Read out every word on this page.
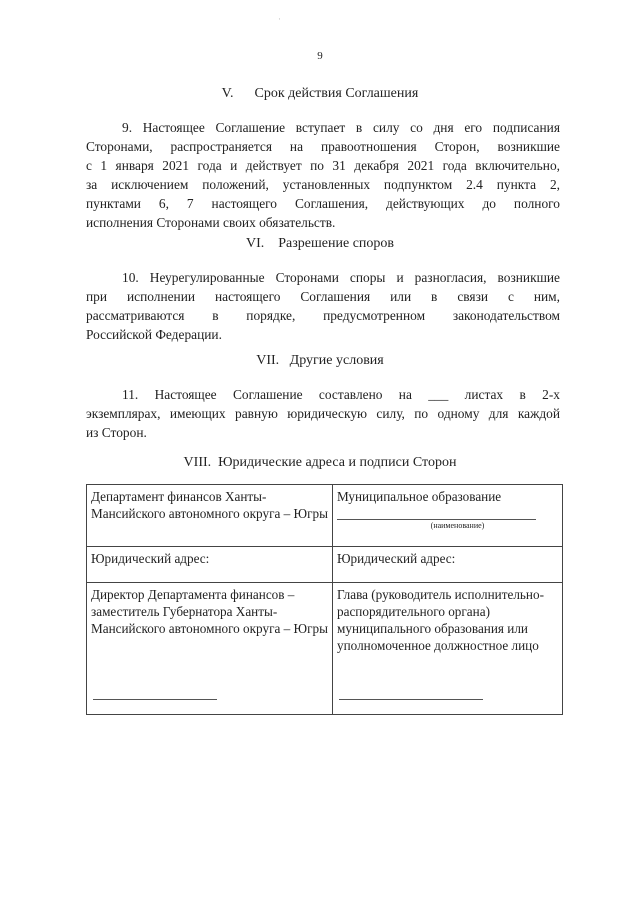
·
9
V.      Срок действия Соглашения
9. Настоящее Соглашение вступает в силу со дня его подписания
Сторонами, распространяется на правоотношения Сторон, возникшие
с 1 января 2021 года и действует по 31 декабря 2021 года включительно,
за исключением положений, установленных подпунктом 2.4 пункта 2,
пунктами 6, 7 настоящего Соглашения, действующих до полного
исполнения Сторонами своих обязательств.
VI.    Разрешение споров
10. Неурегулированные Сторонами споры и разногласия, возникшие
при исполнении настоящего Соглашения или в связи с ним,
рассматриваются в порядке, предусмотренном законодательством
Российской Федерации.
VII.   Другие условия
11. Настоящее Соглашение составлено на ___ листах в 2-х
экземплярах, имеющих равную юридическую силу, по одному для каждой
из Сторон.
VIII.  Юридические адреса и подписи Сторон
Департамент финансов Ханты-Мансийского автономного округа – Югры	Муниципальное образование
(наименование)

Юридический адрес:	Юридический адрес:

Директор Департамента финансов – заместитель Губернатора Ханты-Мансийского автономного округа – Югры	Глава (руководитель исполнительно-распорядительного органа) муниципального образования или уполномоченное должностное лицо
